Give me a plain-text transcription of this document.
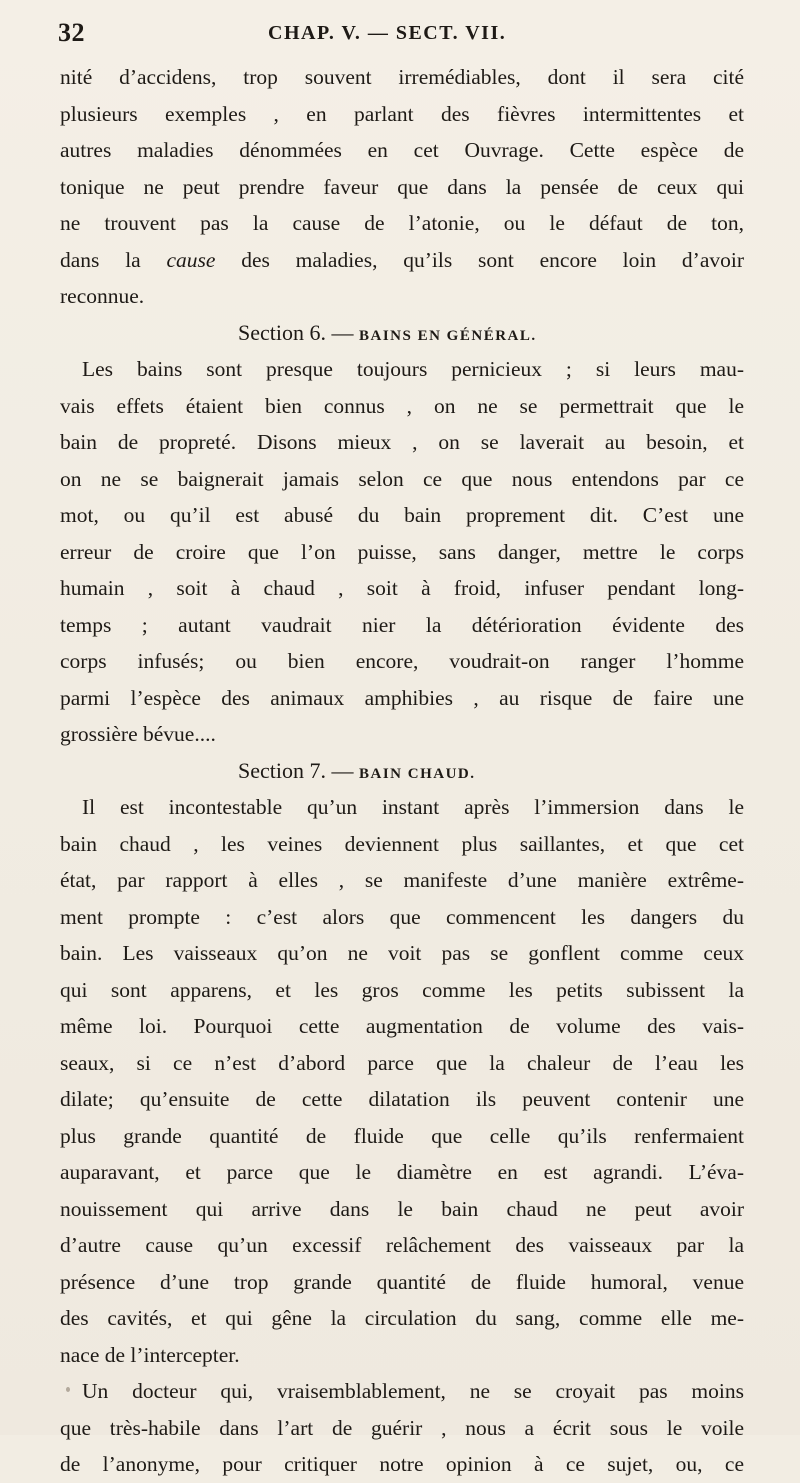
32	CHAP. V. — SECT. VII.
nité d’accidens, trop souvent irremédiables, dont il sera cité
plusieurs exemples , en parlant des fièvres intermittentes et
autres maladies dénommées en cet Ouvrage. Cette espèce de
tonique ne peut prendre faveur que dans la pensée de ceux qui
ne trouvent pas la cause de l’atonie, ou le défaut de ton,
dans la cause des maladies, qu’ils sont encore loin d’avoir
reconnue.
Section 6. — BAINS EN GÉNÉRAL.
Les bains sont presque toujours pernicieux ; si leurs mau-
vais effets étaient bien connus , on ne se permettrait que le
bain de propreté. Disons mieux , on se laverait au besoin, et
on ne se baignerait jamais selon ce que nous entendons par ce
mot, ou qu’il est abusé du bain proprement dit. C’est une
erreur de croire que l’on puisse, sans danger, mettre le corps
humain , soit à chaud , soit à froid, infuser pendant long-
temps ; autant vaudrait nier la détérioration évidente des
corps infusés; ou bien encore, voudrait-on ranger l’homme
parmi l’espèce des animaux amphibies , au risque de faire une
grossière bévue....
Section 7. — BAIN CHAUD.
Il est incontestable qu’un instant après l’immersion dans le
bain chaud , les veines deviennent plus saillantes, et que cet
état, par rapport à elles , se manifeste d’une manière extrême-
ment prompte : c’est alors que commencent les dangers du
bain. Les vaisseaux qu’on ne voit pas se gonflent comme ceux
qui sont apparens, et les gros comme les petits subissent la
même loi. Pourquoi cette augmentation de volume des vais-
seaux, si ce n’est d’abord parce que la chaleur de l’eau les
dilate; qu’ensuite de cette dilatation ils peuvent contenir une
plus grande quantité de fluide que celle qu’ils renfermaient
auparavant, et parce que le diamètre en est agrandi. L’éva-
nouissement qui arrive dans le bain chaud ne peut avoir
d’autre cause qu’un excessif relâchement des vaisseaux par la
présence d’une trop grande quantité de fluide humoral, venue
des cavités, et qui gêne la circulation du sang, comme elle me-
nace de l’intercepter.
Un docteur qui, vraisemblablement, ne se croyait pas moins
que très-habile dans l’art de guérir , nous a écrit sous le voile
de l’anonyme, pour critiquer notre opinion à ce sujet, ou, ce
